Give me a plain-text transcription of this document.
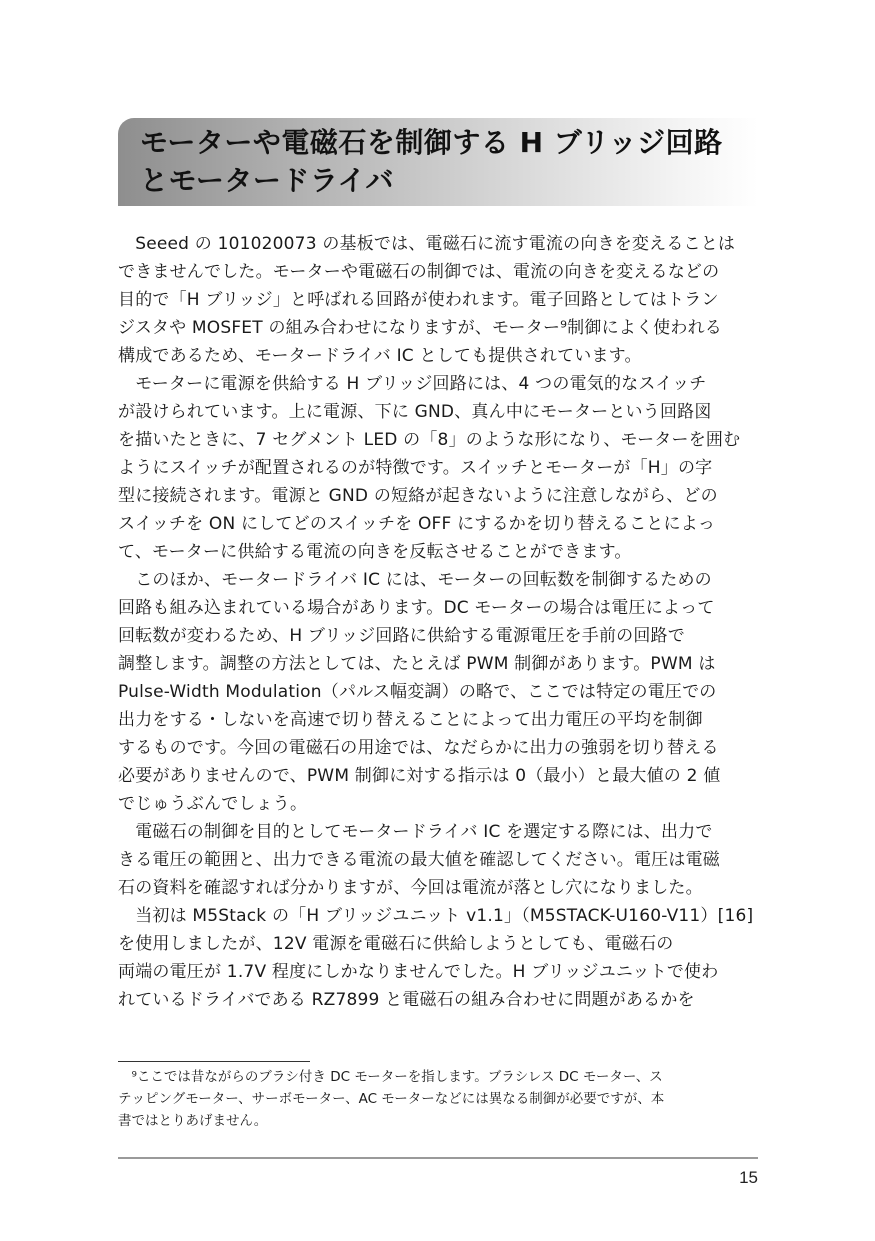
モーターや電磁石を制御する H ブリッジ回路
とモータードライバ
　Seeed の 101020073 の基板では、電磁石に流す電流の向きを変えることは
できませんでした。モーターや電磁石の制御では、電流の向きを変えるなどの
目的で「H ブリッジ」と呼ばれる回路が使われます。電子回路としてはトラン
ジスタや MOSFET の組み合わせになりますが、モーター⁹制御によく使われる
構成であるため、モータードライバ IC としても提供されています。
　モーターに電源を供給する H ブリッジ回路には、4 つの電気的なスイッチ
が設けられています。上に電源、下に GND、真ん中にモーターという回路図
を描いたときに、7 セグメント LED の「8」のような形になり、モーターを囲む
ようにスイッチが配置されるのが特徴です。スイッチとモーターが「H」の字
型に接続されます。電源と GND の短絡が起きないように注意しながら、どの
スイッチを ON にしてどのスイッチを OFF にするかを切り替えることによっ
て、モーターに供給する電流の向きを反転させることができます。
　このほか、モータードライバ IC には、モーターの回転数を制御するための
回路も組み込まれている場合があります。DC モーターの場合は電圧によって
回転数が変わるため、H ブリッジ回路に供給する電源電圧を手前の回路で
調整します。調整の方法としては、たとえば PWM 制御があります。PWM は
Pulse-Width Modulation（パルス幅変調）の略で、ここでは特定の電圧での
出力をする・しないを高速で切り替えることによって出力電圧の平均を制御
するものです。今回の電磁石の用途では、なだらかに出力の強弱を切り替える
必要がありませんので、PWM 制御に対する指示は 0（最小）と最大値の 2 値
でじゅうぶんでしょう。
　電磁石の制御を目的としてモータードライバ IC を選定する際には、出力で
きる電圧の範囲と、出力できる電流の最大値を確認してください。電圧は電磁
石の資料を確認すれば分かりますが、今回は電流が落とし穴になりました。
　当初は M5Stack の「H ブリッジユニット v1.1」（M5STACK-U160-V11）[16]
を使用しましたが、12V 電源を電磁石に供給しようとしても、電磁石の
両端の電圧が 1.7V 程度にしかなりませんでした。H ブリッジユニットで使わ
れているドライバである RZ7899 と電磁石の組み合わせに問題があるかを
　⁹ここでは昔ながらのブラシ付き DC モーターを指します。ブラシレス DC モーター、ス
テッピングモーター、サーボモーター、AC モーターなどには異なる制御が必要ですが、本
書ではとりあげません。
15
